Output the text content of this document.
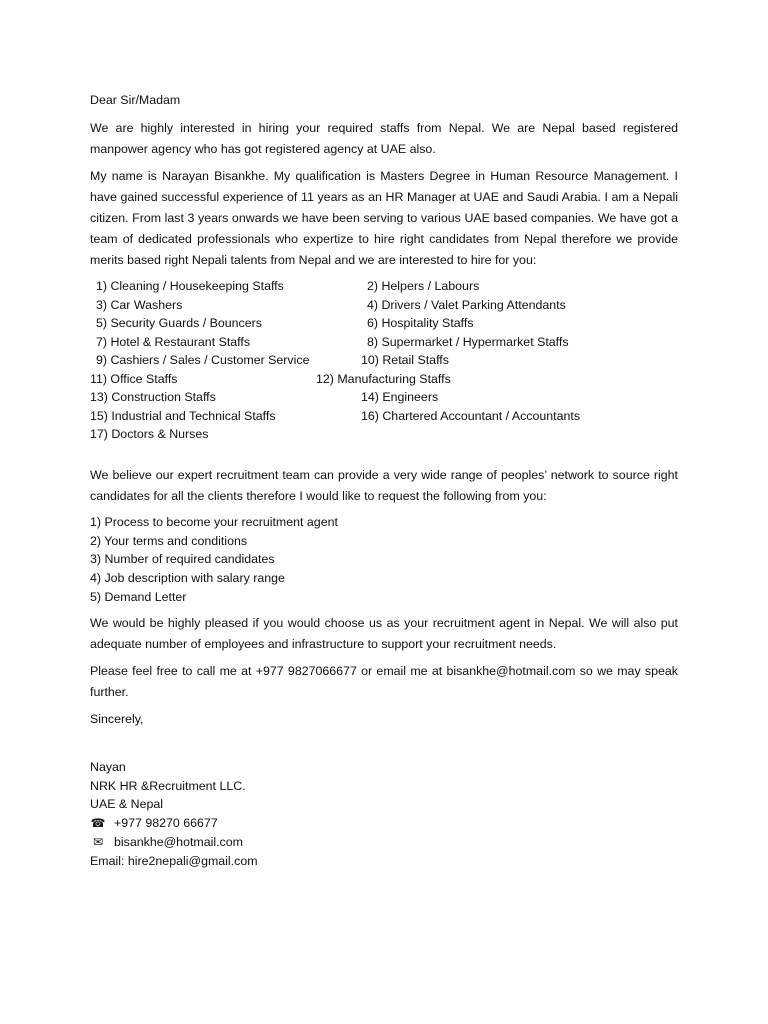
Dear Sir/Madam

We are highly interested in hiring your required staffs from Nepal. We are Nepal based registered manpower agency who has got registered agency at UAE also.

My name is Narayan Bisankhe. My qualification is Masters Degree in Human Resource Management. I have gained successful experience of 11 years as an HR Manager at UAE and Saudi Arabia. I am a Nepali citizen. From last 3 years onwards we have been serving to various UAE based companies. We have got a team of dedicated professionals who expertize to hire right candidates from Nepal therefore we provide merits based right Nepali talents from Nepal and we are interested to hire for you:

1) Cleaning / Housekeeping Staffs	2) Helpers / Labours
3) Car Washers	4) Drivers / Valet Parking Attendants
5) Security Guards / Bouncers	6) Hospitality Staffs
7) Hotel & Restaurant Staffs	8) Supermarket / Hypermarket Staffs
9) Cashiers / Sales / Customer Service	10) Retail Staffs
11) Office Staffs	12) Manufacturing Staffs
13) Construction Staffs	14) Engineers
15) Industrial and Technical Staffs	16) Chartered Accountant / Accountants
17) Doctors & Nurses

We believe our expert recruitment team can provide a very wide range of peoples’ network to source right candidates for all the clients therefore I would like to request the following from you:

1) Process to become your recruitment agent
2) Your terms and conditions
3) Number of required candidates
4) Job description with salary range
5) Demand Letter

We would be highly pleased if you would choose us as your recruitment agent in Nepal. We will also put adequate number of employees and infrastructure to support your recruitment needs.

Please feel free to call me at +977 9827066677 or email me at bisankhe@hotmail.com so we may speak further.

Sincerely,

Nayan
NRK HR &Recruitment LLC.
UAE & Nepal
☎ +977 98270 66677
✉ bisankhe@hotmail.com
Email: hire2nepali@gmail.com
